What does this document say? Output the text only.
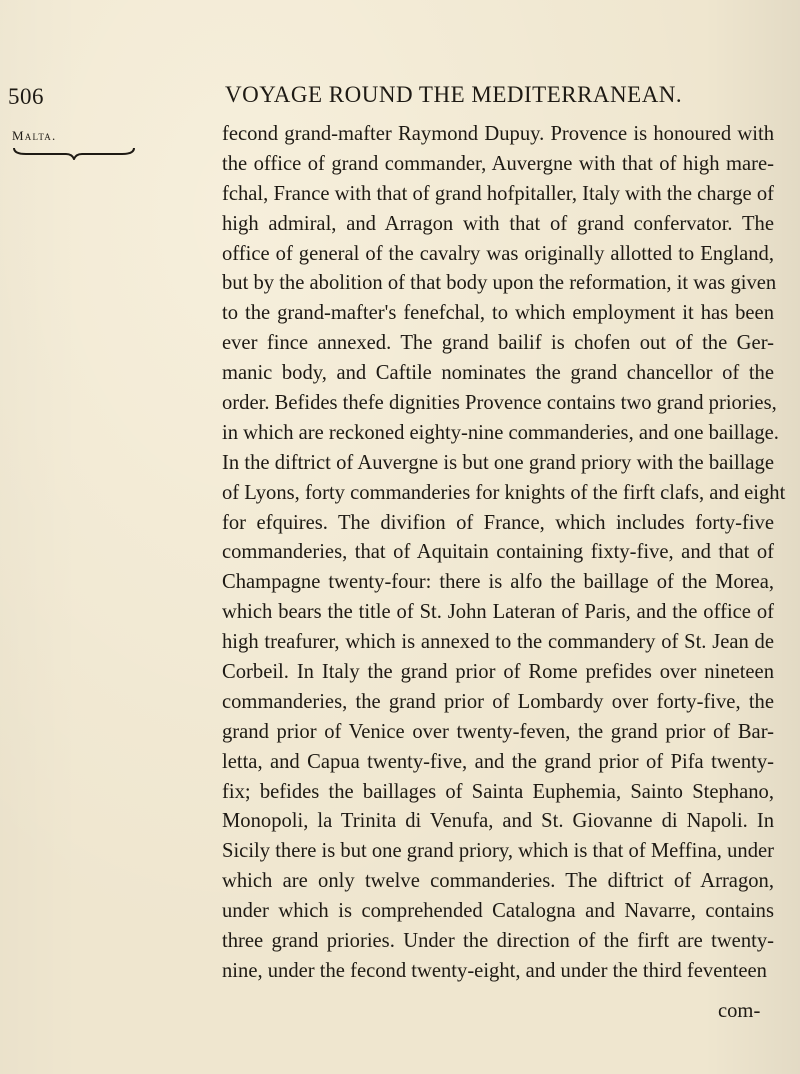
506	VOYAGE ROUND THE MEDITERRANEAN.
Malta.	fecond grand-mafter Raymond Dupuy. Provence is honoured with
the office of grand commander, Auvergne with that of high mare-
fchal, France with that of grand hofpitaller, Italy with the charge of
high admiral, and Arragon with that of grand confervator. The
office of general of the cavalry was originally allotted to England,
but by the abolition of that body upon the reformation, it was given
to the grand-mafter's fenefchal, to which employment it has been
ever fince annexed. The grand bailif is chofen out of the Ger-
manic body, and Caftile nominates the grand chancellor of the
order. Befides thefe dignities Provence contains two grand priories,
in which are reckoned eighty-nine commanderies, and one baillage.
In the diftrict of Auvergne is but one grand priory with the baillage
of Lyons, forty commanderies for knights of the firft clafs, and eight
for efquires. The divifion of France, which includes forty-five
commanderies, that of Aquitain containing fixty-five, and that of
Champagne twenty-four: there is alfo the baillage of the Morea,
which bears the title of St. John Lateran of Paris, and the office of
high treafurer, which is annexed to the commandery of St. Jean de
Corbeil. In Italy the grand prior of Rome prefides over nineteen
commanderies, the grand prior of Lombardy over forty-five, the
grand prior of Venice over twenty-feven, the grand prior of Bar-
letta, and Capua twenty-five, and the grand prior of Pifa twenty-
fix; befides the baillages of Sainta Euphemia, Sainto Stephano,
Monopoli, la Trinita di Venufa, and St. Giovanne di Napoli. In
Sicily there is but one grand priory, which is that of Meffina, under
which are only twelve commanderies. The diftrict of Arragon,
under which is comprehended Catalogna and Navarre, contains
three grand priories. Under the direction of the firft are twenty-
nine, under the fecond twenty-eight, and under the third feventeen
com-
